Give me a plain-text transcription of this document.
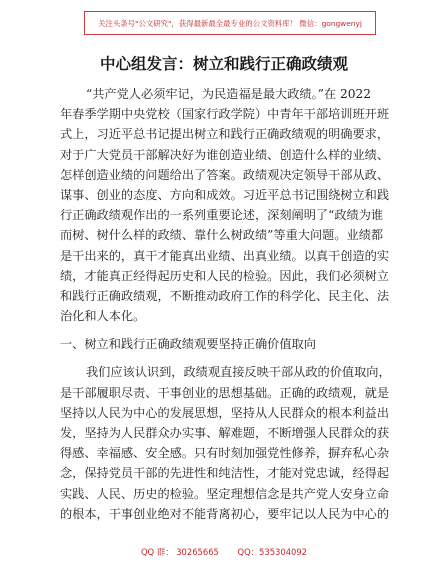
关注头条号"公文研究"，获得最新最全最专业的公文资料库！ 微信：gongwenyj
中心组发言：树立和践行正确政绩观
“共产党人必须牢记，为民造福是最大政绩。”在 2022
年春季学期中央党校（国家行政学院）中青年干部培训班开班
式上，习近平总书记提出树立和践行正确政绩观的明确要求，
对于广大党员干部解决好为谁创造业绩、创造什么样的业绩、
怎样创造业绩的问题给出了答案。政绩观决定领导干部从政、
谋事、创业的态度、方向和成效。习近平总书记围绕树立和践
行正确政绩观作出的一系列重要论述，深刻阐明了“政绩为谁
而树、树什么样的政绩、靠什么树政绩”等重大问题。业绩都
是干出来的，真干才能真出业绩、出真业绩。以真干创造的实
绩，才能真正经得起历史和人民的检验。因此，我们必须树立
和践行正确政绩观，不断推动政府工作的科学化、民主化、法
治化和人本化。
一、树立和践行正确政绩观要坚持正确价值取向
我们应该认识到，政绩观直接反映干部从政的价值取向，
是干部履职尽责、干事创业的思想基础。正确的政绩观，就是
坚持以人民为中心的发展思想，坚持从人民群众的根本利益出
发，坚持为人民群众办实事、解难题，不断增强人民群众的获
得感、幸福感、安全感。只有时刻加强党性修养，摒弃私心杂
念，保持党员干部的先进性和纯洁性，才能对党忠诚，经得起
实践、人民、历史的检验。坚定理想信念是共产党人安身立命
的根本，干事创业绝对不能背离初心，要牢记以人民为中心的
QQ 群： 30265665       QQ：535304092
